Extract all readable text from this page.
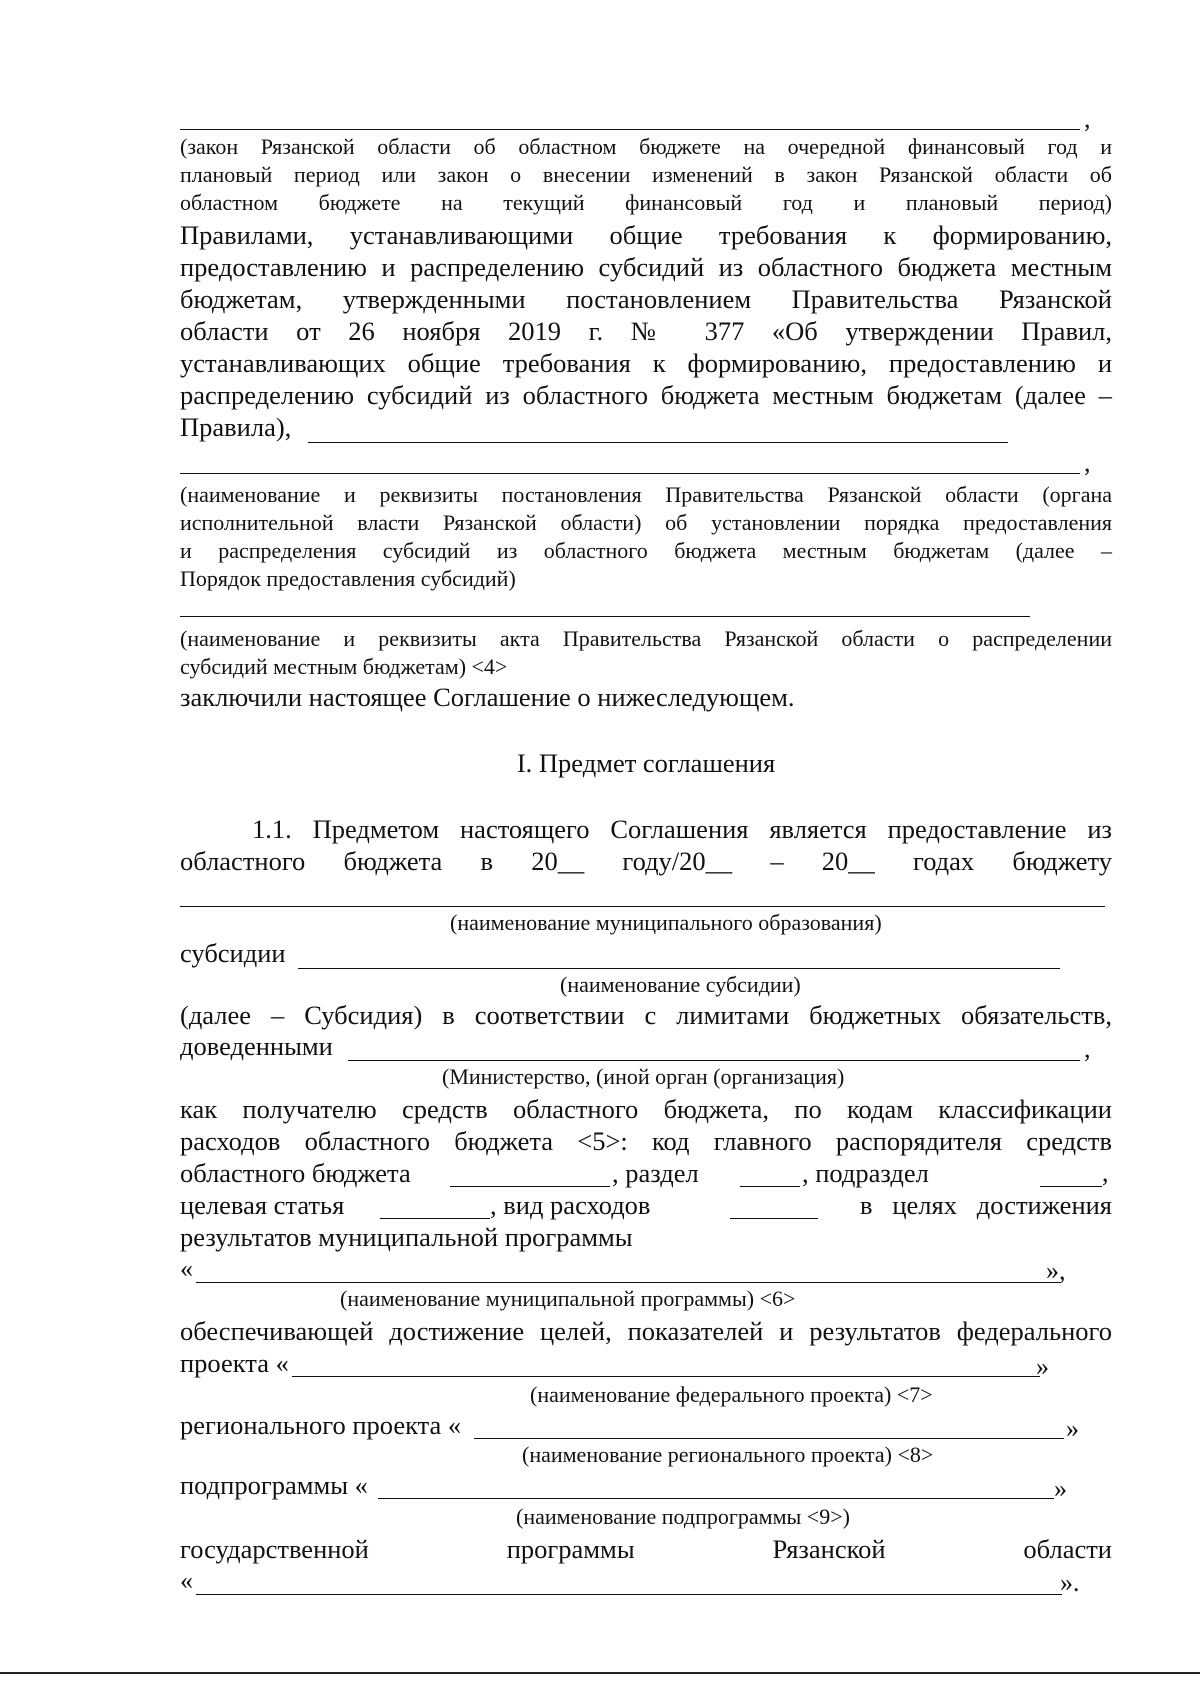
,
(закон Рязанской области об областном бюджете на очередной финансовый год и
плановый период или закон о внесении изменений в закон Рязанской области об
областном бюджете на текущий финансовый год и плановый период)
Правилами, устанавливающими общие требования к формированию,
предоставлению и распределению субсидий из областного бюджета местным
бюджетам, утвержденными постановлением Правительства Рязанской
области от 26 ноября 2019 г. № 377 «Об утверждении Правил,
устанавливающих общие требования к формированию, предоставлению и
распределению субсидий из областного бюджета местным бюджетам (далее –
Правила),
,
(наименование и реквизиты постановления Правительства Рязанской области (органа
исполнительной власти Рязанской области) об установлении порядка предоставления
и распределения субсидий из областного бюджета местным бюджетам (далее –
Порядок предоставления субсидий)
(наименование и реквизиты акта Правительства Рязанской области о распределении
субсидий местным бюджетам) <4>
заключили настоящее Соглашение о нижеследующем.
I. Предмет соглашения
1.1. Предметом настоящего Соглашения является предоставление из
областного бюджета в 20__ году/20__ – 20__ годах бюджету
(наименование муниципального образования)
субсидии
(наименование субсидии)
(далее – Субсидия) в соответствии с лимитами бюджетных обязательств,
доведенными	,
(Министерство, (иной орган (организация)
как получателю средств областного бюджета, по кодам классификации
расходов областного бюджета <5>: код главного распорядителя средств
областного бюджета	, раздел	, подраздел	,
целевая статья	, вид расходов	в целях достижения
результатов муниципальной программы
«	»,
(наименование муниципальной программы) <6>
обеспечивающей достижение целей, показателей и результатов федерального
проекта «	»
(наименование федерального проекта) <7>
регионального проекта «	»
(наименование регионального проекта) <8>
подпрограммы «	»
(наименование подпрограммы <9>)
государственной	программы	Рязанской	области
«	».
